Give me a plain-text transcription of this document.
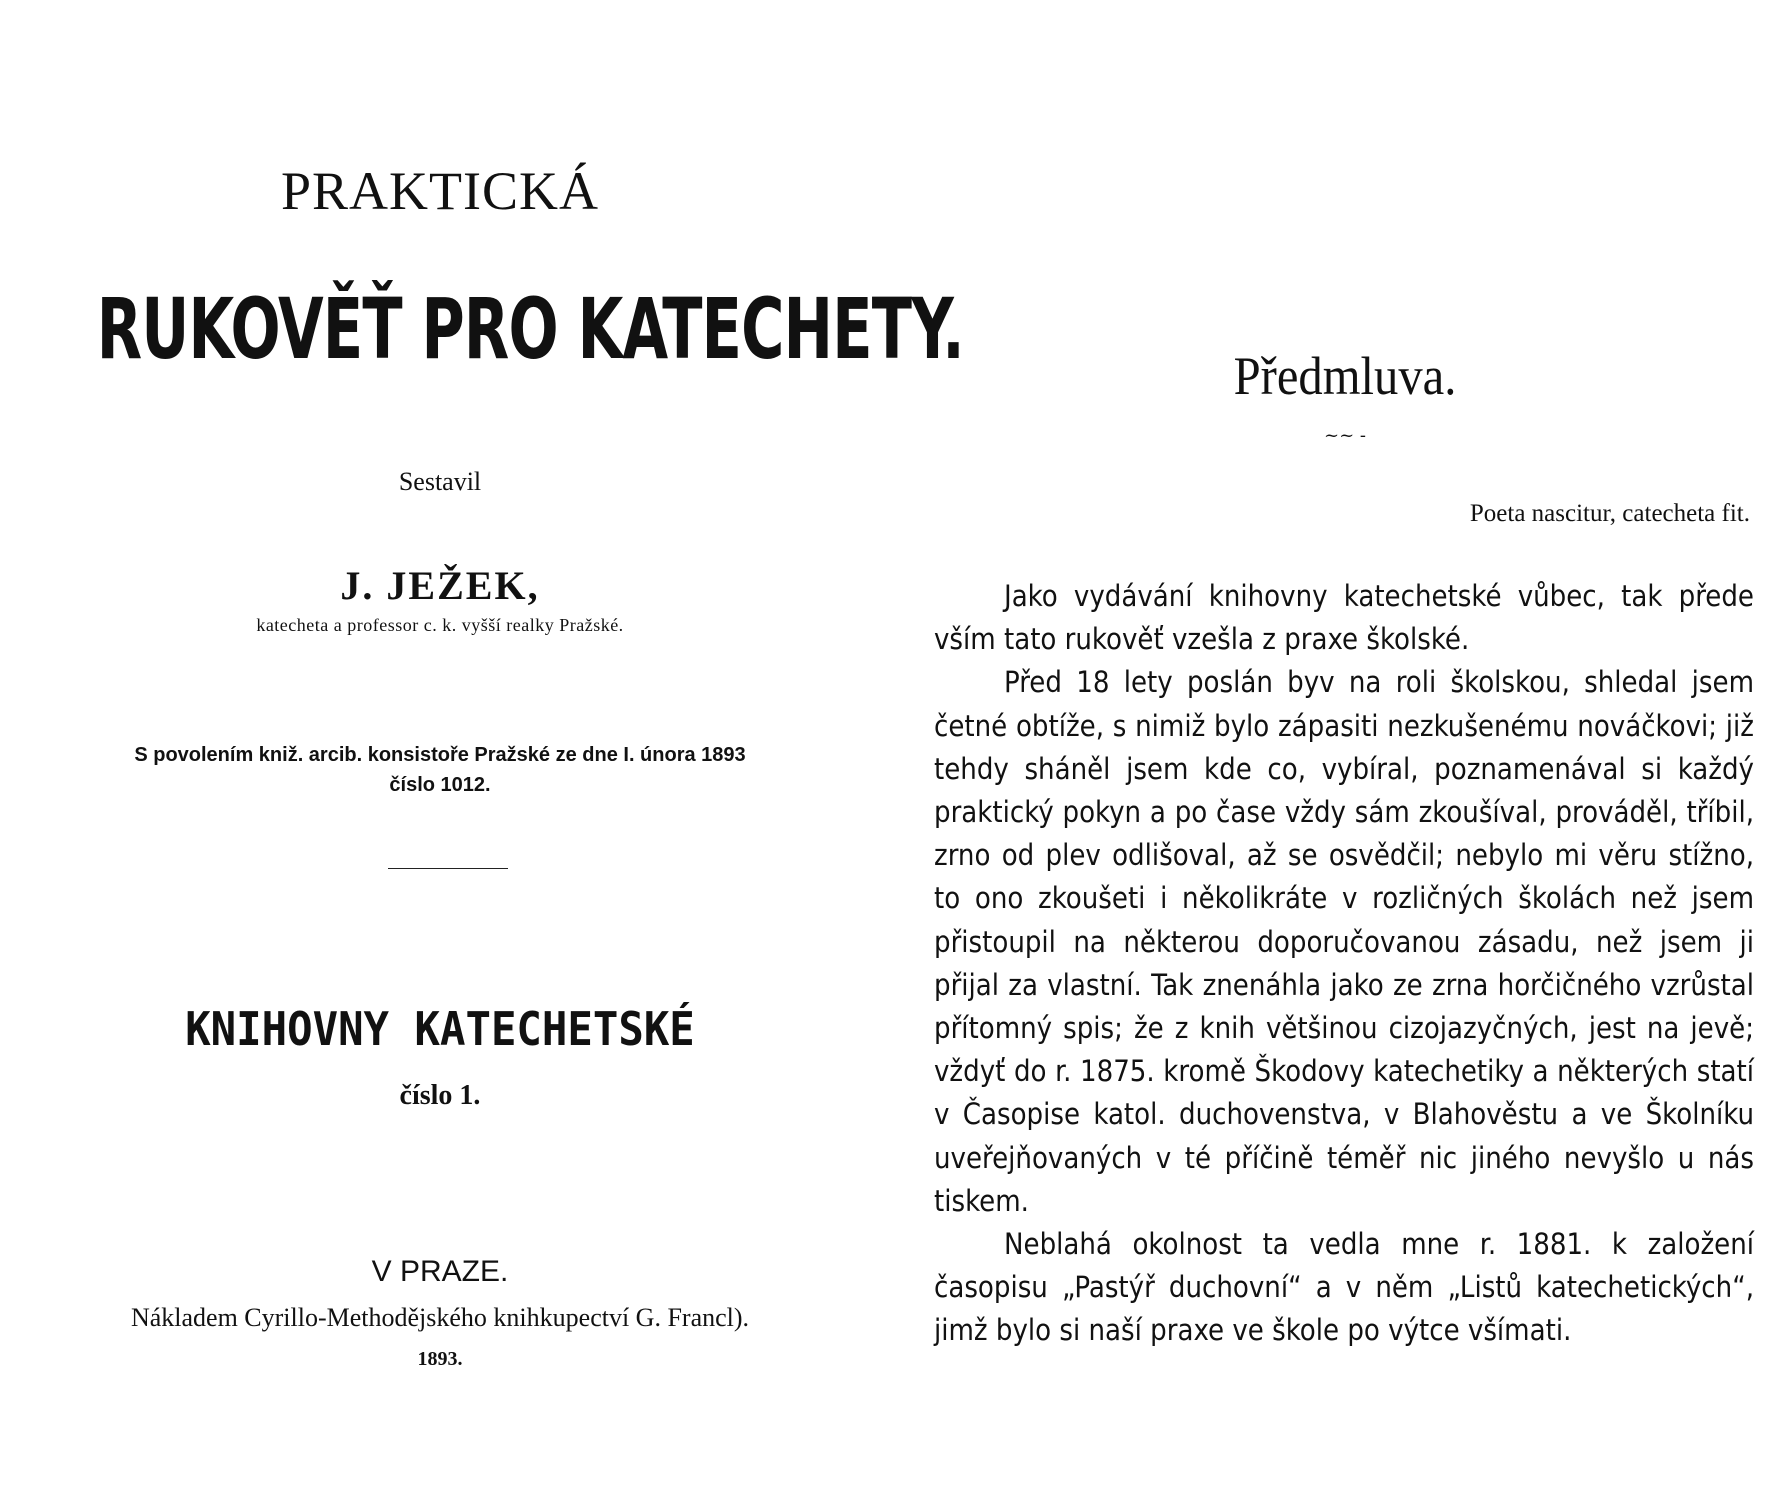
PRAKTICKÁ
RUKOVĚŤ PRO KATECHETY.
Sestavil
J. JEŽEK,
katecheta a professor c. k. vyšší realky Pražské.
S povolením kniž. arcib. konsistoře Pražské ze dne I. února 1893
číslo 1012.
KNIHOVNY KATECHETSKÉ
číslo 1.
V PRAZE.
Nákladem Cyrillo-Methodějského knihkupectví G. Francl).
1893.
Předmluva.
~~ -
Poeta nascitur, catecheta fit.

Jako vydávání knihovny katechetské vůbec, tak přede vším tato rukověť vzešla z praxe školské.

Před 18 lety poslán byv na roli školskou, shledal jsem četné obtíže, s nimiž bylo zápasiti nezkušenému nováčkovi; již tehdy sháněl jsem kde co, vybíral, poznamenával si každý praktický pokyn a po čase vždy sám zkoušíval, prováděl, tříbil, zrno od plev odlišoval, až se osvědčil; nebylo mi věru stížno, to ono zkoušeti i několikráte v rozličných školách než jsem přistoupil na některou doporučovanou zásadu, než jsem ji přijal za vlastní. Tak znenáhla jako ze zrna horčičného vzrůstal přítomný spis; že z knih většinou cizojazyčných, jest na jevě; vždyť do r. 1875. kromě Škodovy katechetiky a některých statí v Časopise katol. duchovenstva, v Blahověstu a ve Školníku uveřejňovaných v té příčině téměř nic jiného nevyšlo u nás tiskem.

Neblahá okolnost ta vedla mne r. 1881. k založení časopisu „Pastýř duchovní“ a v něm „Listů katechetických“, jimž bylo si naší praxe ve škole po výtce všímati.
